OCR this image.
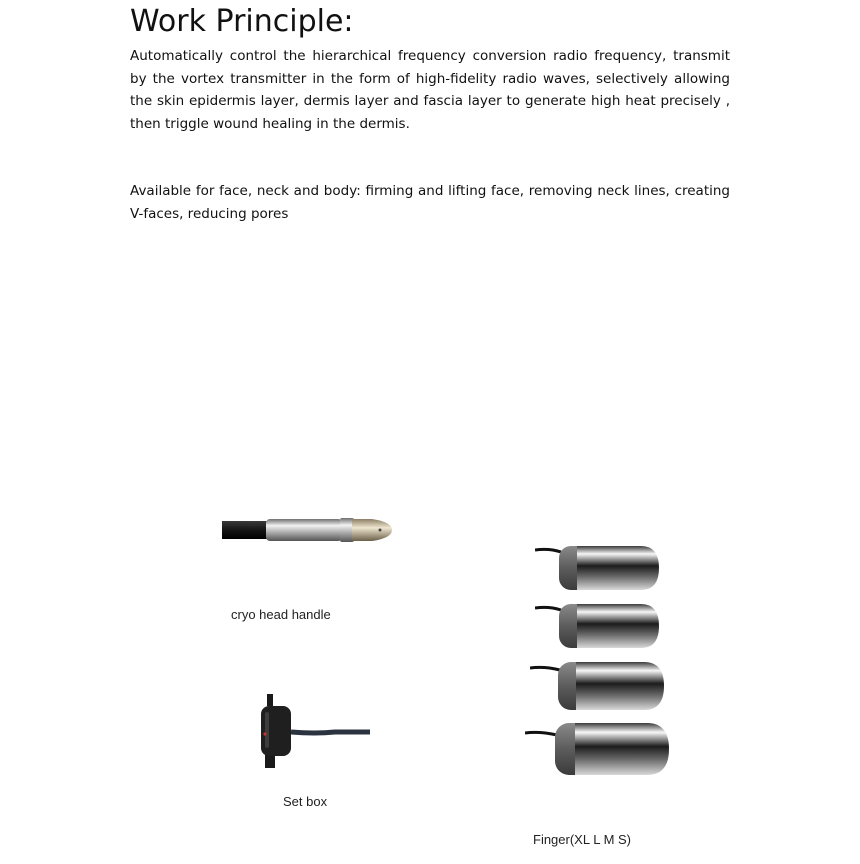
Work Principle:

Automatically control the hierarchical frequency conversion radio frequency, transmit by the vortex transmitter in the form of high-fidelity radio waves, selectively allowing the skin epidermis layer, dermis layer and fascia layer to generate high heat precisely , then triggle wound healing in the dermis.

Available for face, neck and body: firming and lifting face, removing neck lines, creating V-faces, reducing pores

cryo head handle
Set box
Finger(XL L M S)
